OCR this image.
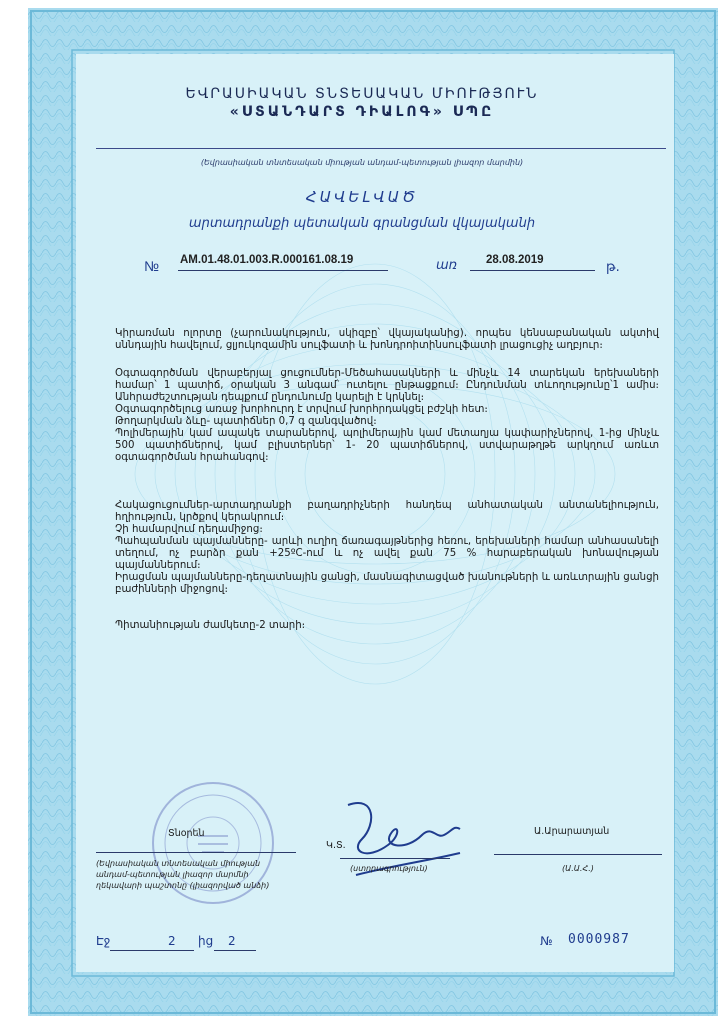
ԵՎՐԱՍԻԱԿԱՆ ՏՆՏԵՍԱԿԱՆ ՄԻՈՒԹՅՈՒՆ
«ՍՏԱՆԴԱՐՏ ԴԻԱԼՈԳ» ՍՊԸ
(Եվրասիական տնտեսական միության անդամ-պետության լիազոր մարմին)
ՀԱՎԵԼՎԱԾ
արտադրանքի պետական գրանցման վկայականի
№ AM.01.48.01.003.R.000161.08.19	առ	28.08.2019	թ.

Կիրառման ոլորտը (չարունակություն, սկիզբը՝ վկայականից)․ որպես կենսաբանական ակտիվ սննդային հավելում, ցլյուկոզամին սուլֆատի և խոնդրոիտինսուլֆատի լրացուցիչ աղբյուր։

Օգտագործման վերաբերյալ ցուցումներ-Մեծահասակների և մինչև 14 տարեկան երեխաների համար՝ 1 պատիճ, օրական 3 անգամ՝ ուտելու ընթացքում։ Ընդունման տևողությունը՝1 ամիս։ Անհրաժեշտության դեպքում ընդունումը կարելի է կրկնել։

Օգտագործելուց առաջ խորհուրդ է տրվում խորհրդակցել բժշկի հետ։

Թողարկման ձևը- պատիճներ 0,7 գ զանգվածով։

Պոլիմերային կամ ապակե տարաներով, պոլիմերային կամ մետաղյա կափարիչներով, 1-ից մինչև 500 պատիճներով, կամ բլիստերներ՝ 1- 20 պատիճներով, ստվարաթղթե արկղում առևտ օգտագործման հրահանգով։

Հակացուցումներ-արտադրանքի բաղադրիչների հանդեպ անհատական անտանելիություն, հղիություն, կրծքով կերակրում։

Չի համարվում դեղամիջոց։

Պահպանման պայմանները- արևի ուղիղ ճառագայթներից հեռու, երեխաների համար անհասանելի տեղում, ոչ բարձր քան +25ºC-ում և ոչ ավել քան 75 % հարաբերական խոնավության պայմաններում։

Իրացման պայմանները-դեղատնային ցանցի, մասնագիտացված խանութների և առևտրային ցանցի բաժինների միջոցով։

Պիտանիության ժամկետը-2 տարի։

Տնօրեն
(Եվրասիական տնտեսական միության
անդամ-պետության լիազոր մարմնի
ղեկավարի պաշտոնը (լիազորված անձի)
Կ.Տ.
(ստորագրություն)
Ա.Արարատյան
(Ա.Ա.Հ.)
Էջ	2 ից 2	№ 0000987
